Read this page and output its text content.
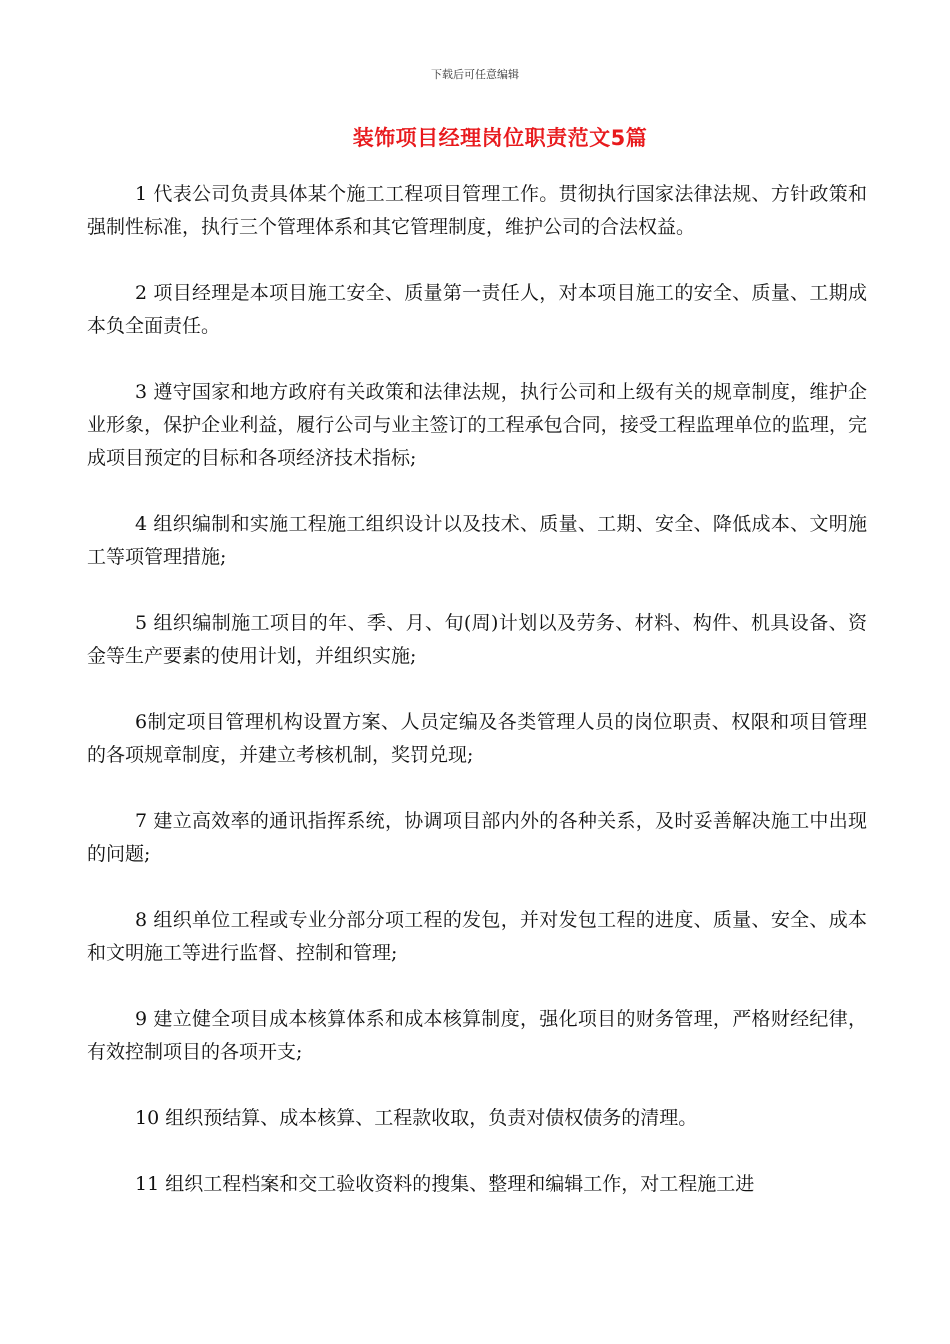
下载后可任意编辑
装饰项目经理岗位职责范文5篇

1 代表公司负责具体某个施工工程项目管理工作。贯彻执行国家法律法规、方针政策和强制性标准，执行三个管理体系和其它管理制度，维护公司的合法权益。

2 项目经理是本项目施工安全、质量第一责任人，对本项目施工的安全、质量、工期成本负全面责任。

3 遵守国家和地方政府有关政策和法律法规，执行公司和上级有关的规章制度，维护企业形象，保护企业利益，履行公司与业主签订的工程承包合同，接受工程监理单位的监理，完成项目预定的目标和各项经济技术指标;

4 组织编制和实施工程施工组织设计以及技术、质量、工期、安全、降低成本、文明施工等项管理措施;

5 组织编制施工项目的年、季、月、旬(周)计划以及劳务、材料、构件、机具设备、资金等生产要素的使用计划，并组织实施;

6制定项目管理机构设置方案、人员定编及各类管理人员的岗位职责、权限和项目管理的各项规章制度，并建立考核机制，奖罚兑现;

7 建立高效率的通讯指挥系统，协调项目部内外的各种关系，及时妥善解决施工中出现的问题;

8 组织单位工程或专业分部分项工程的发包，并对发包工程的进度、质量、安全、成本和文明施工等进行监督、控制和管理;

9 建立健全项目成本核算体系和成本核算制度，强化项目的财务管理，严格财经纪律，有效控制项目的各项开支;

10 组织预结算、成本核算、工程款收取，负责对债权债务的清理。

11 组织工程档案和交工验收资料的搜集、整理和编辑工作，对工程施工进
